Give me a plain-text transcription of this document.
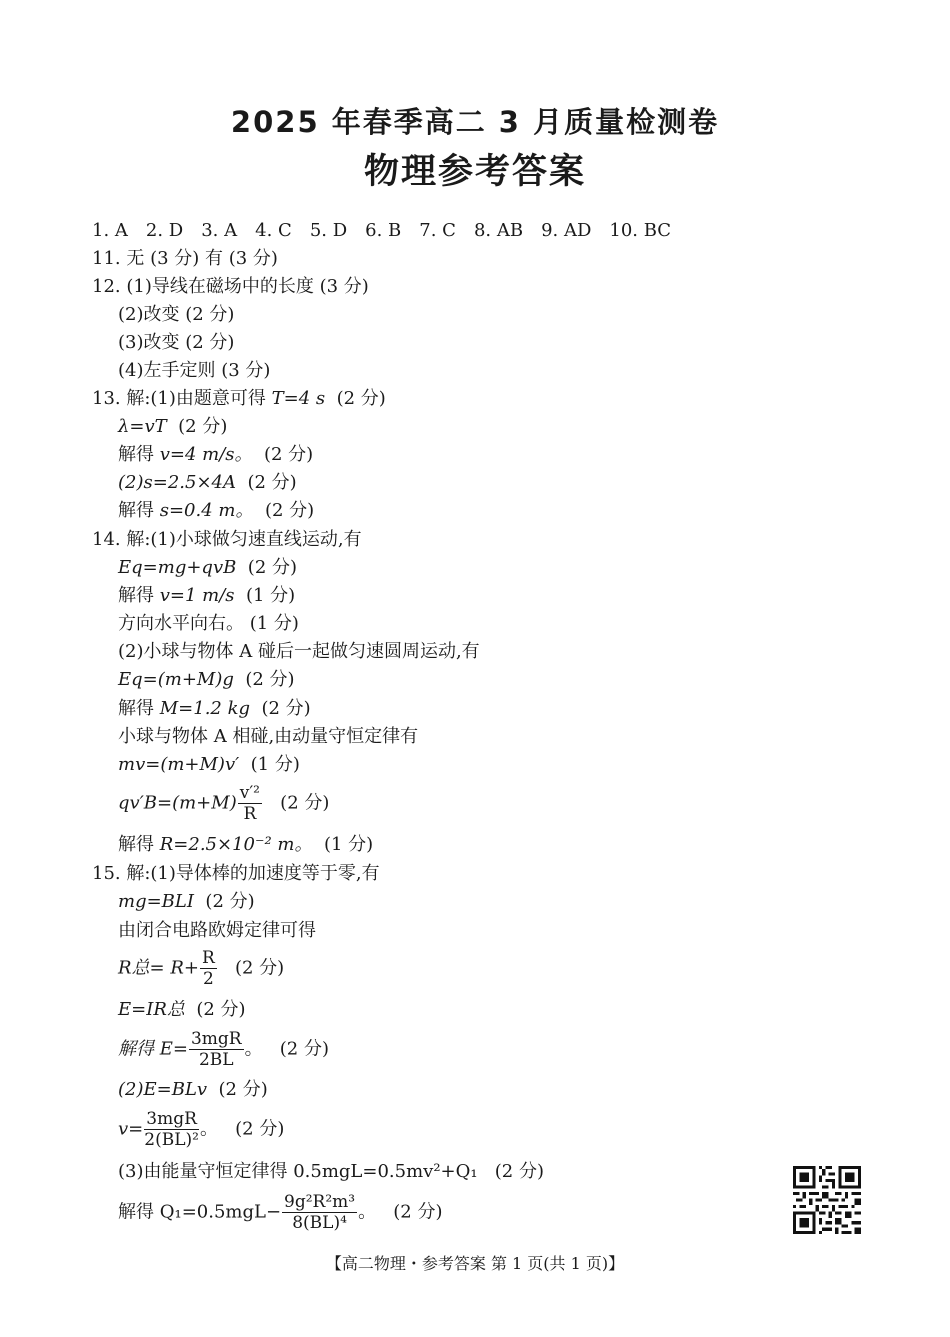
2025 年春季高二 3 月质量检测卷
物理参考答案
1. A 2. D 3. A 4. C 5. D 6. B 7. C 8. AB 9. AD 10. BC
11. 无 (3 分) 有 (3 分)
12. (1)导线在磁场中的长度 (3 分)
(2)改变 (2 分)
(3)改变 (2 分)
(4)左手定则 (3 分)
13. 解:(1)由题意可得 T=4 s (2 分)
λ=vT (2 分)
解得 v=4 m/s。 (2 分)
(2)s=2.5×4A (2 分)
解得 s=0.4 m。 (2 分)
14. 解:(1)小球做匀速直线运动,有
Eq=mg+qvB (2 分)
解得 v=1 m/s (1 分)
方向水平向右。 (1 分)
(2)小球与物体 A 碰后一起做匀速圆周运动,有
Eq=(m+M)g (2 分)
解得 M=1.2 kg (2 分)
小球与物体 A 相碰,由动量守恒定律有
mv=(m+M)v′ (1 分)
$qv'B=(m+M) \frac{\text{v′²}}{R} (2$ 分)
解得 R=2.5×10⁻² m。 (1 分)
15. 解:(1)导体棒的加速度等于零,有
mg=BLI (2 分)
由闭合电路欧姆定律可得
R总= $R+ \frac{R}{2} (2$ 分)
E=IR总 (2 分)
解得 $E= \frac{\text{3mgR}}{2BL}$ 。 (2 分)
(2)E=BLv (2 分)
$v= \frac{\text{3mgR}}{\text{2(BL)²}}$ 。 (2 分)
(3)由能量守恒定律得 0.5mgL=0.5mv²+Q₁ (2 分)
解得 $Q_1=0.5mgL- \frac{\text{9g²R²m³}}{\text{8(BL)⁴}}$ 。 (2 分)
【高二物理・参考答案 第 1 页(共 1 页)】
